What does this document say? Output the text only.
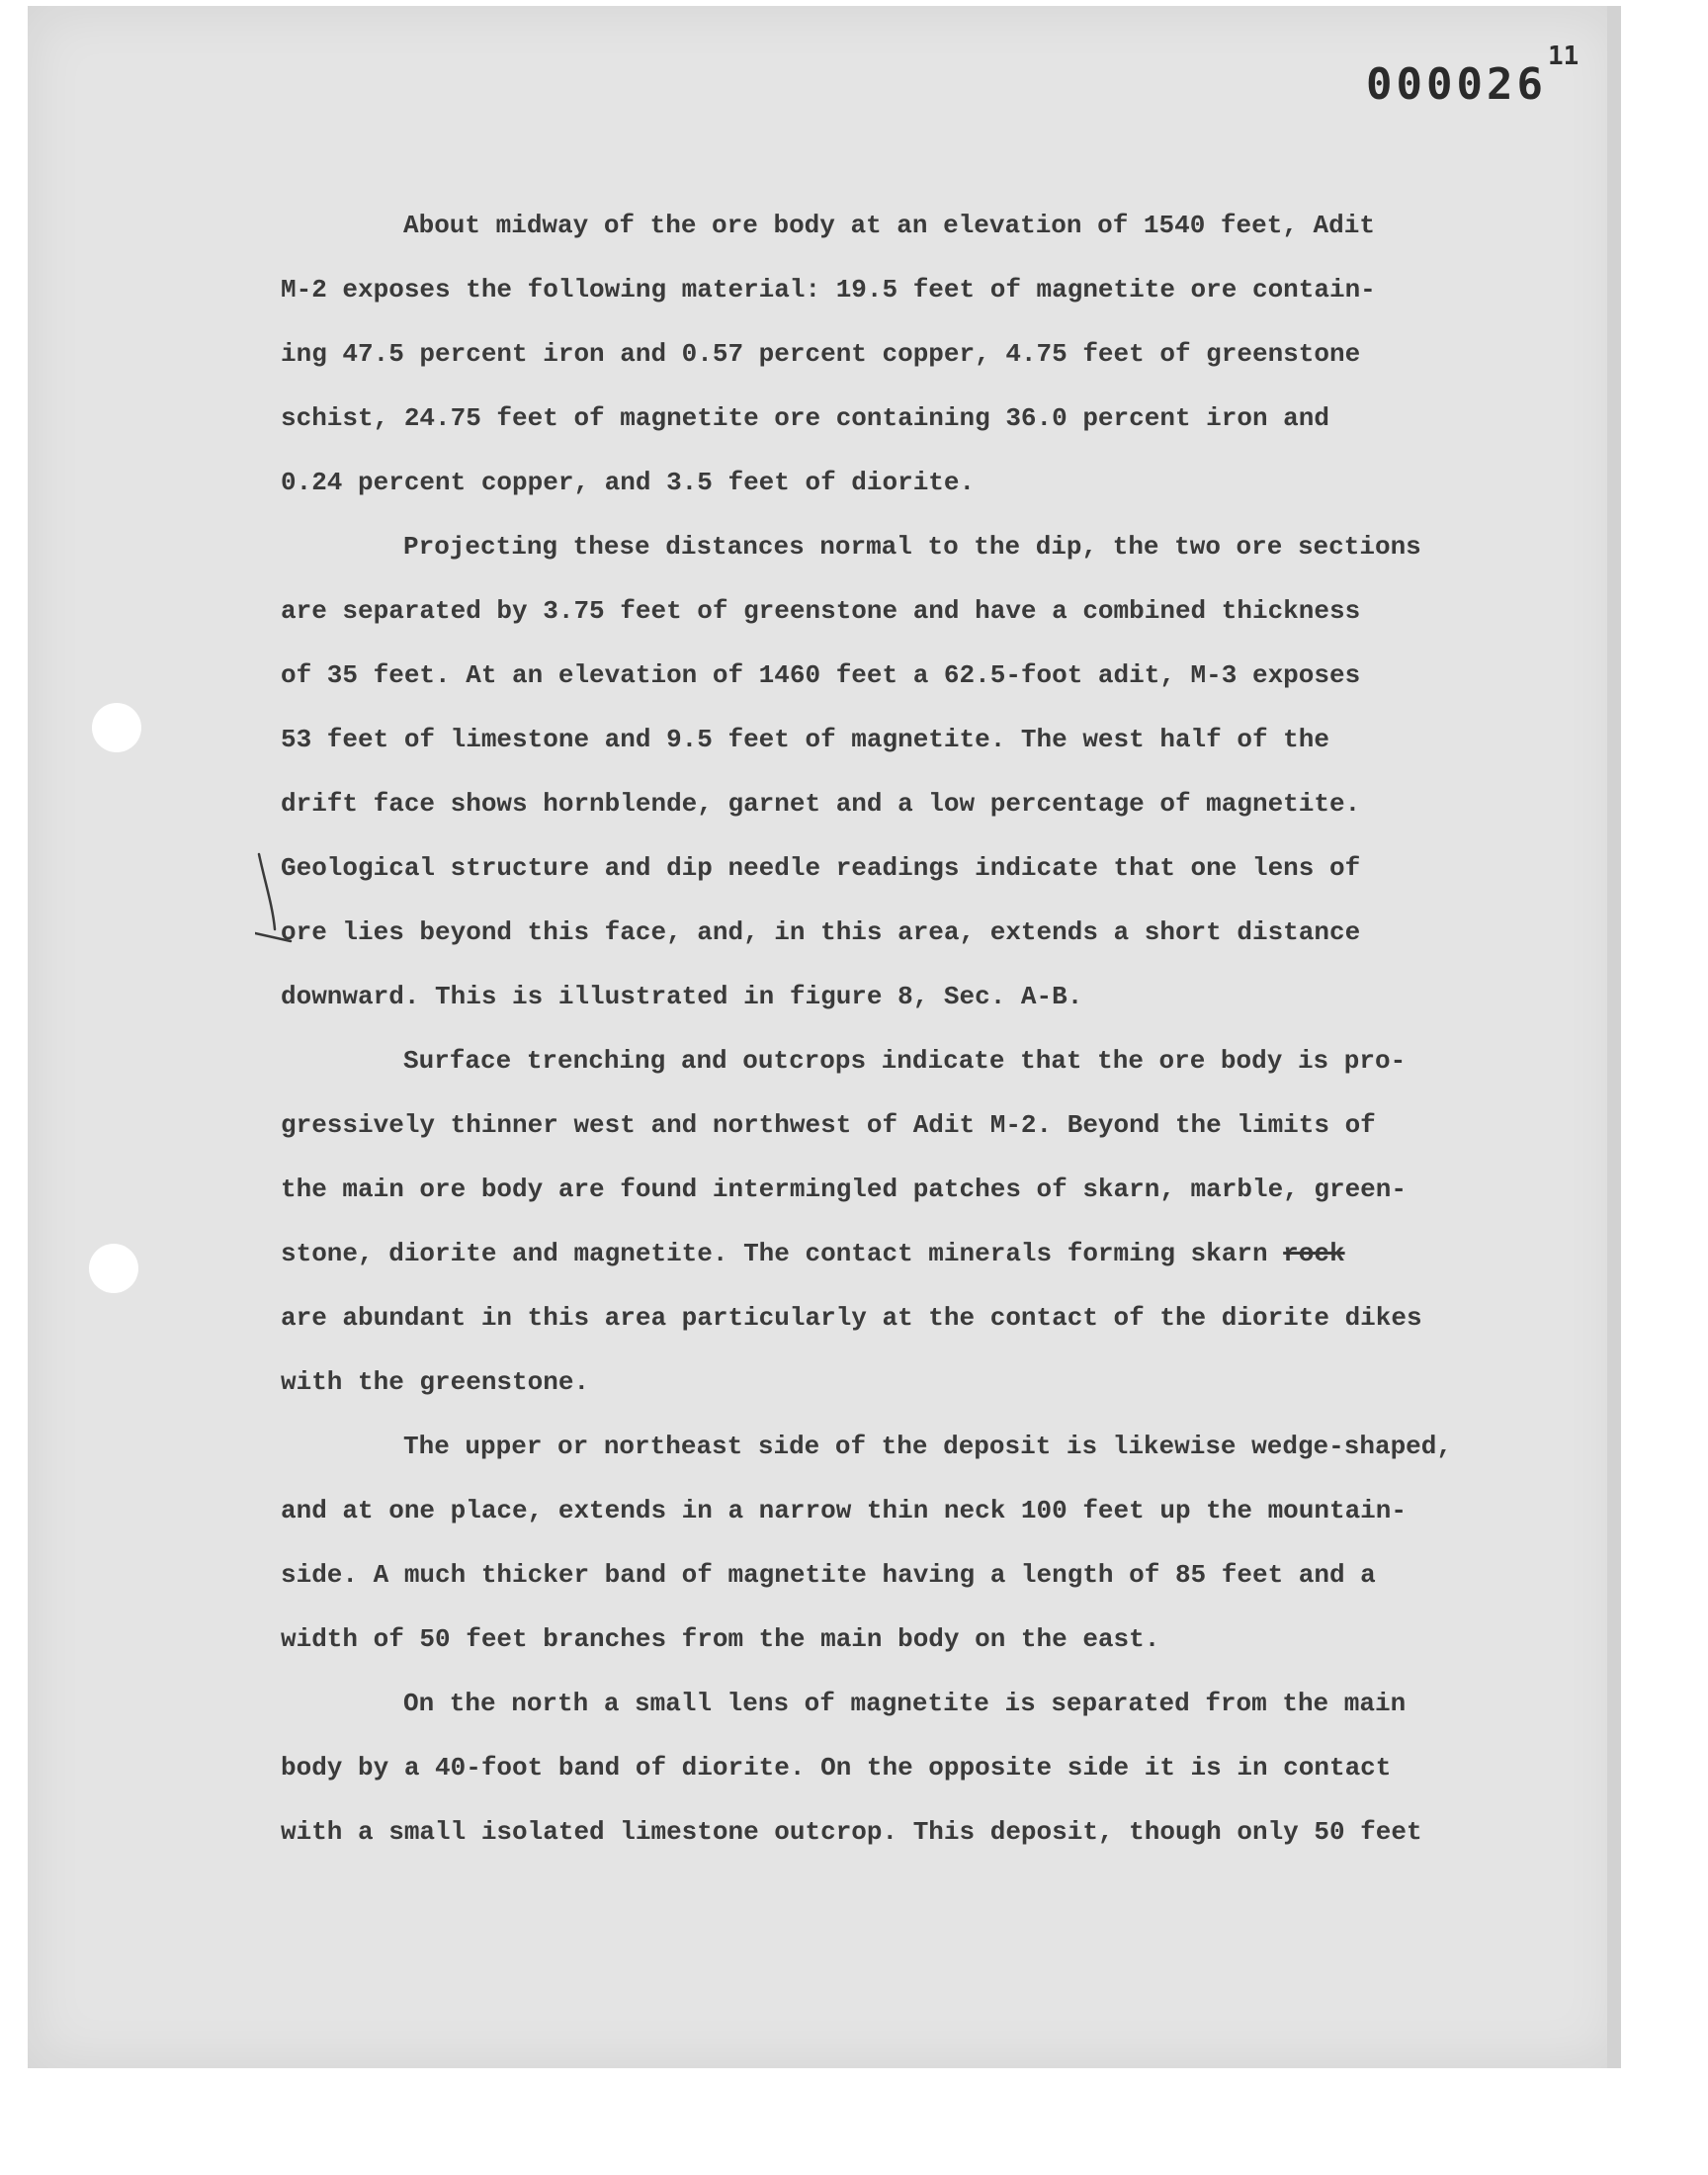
000026
11
About midway of the ore body at an elevation of 1540 feet, Adit
M-2 exposes the following material: 19.5 feet of magnetite ore contain-
ing 47.5 percent iron and 0.57 percent copper, 4.75 feet of greenstone
schist, 24.75 feet of magnetite ore containing 36.0 percent iron and
0.24 percent copper, and 3.5 feet of diorite.
Projecting these distances normal to the dip, the two ore sections
are separated by 3.75 feet of greenstone and have a combined thickness
of 35 feet. At an elevation of 1460 feet a 62.5-foot adit, M-3 exposes
53 feet of limestone and 9.5 feet of magnetite. The west half of the
drift face shows hornblende, garnet and a low percentage of magnetite.
Geological structure and dip needle readings indicate that one lens of
ore lies beyond this face, and, in this area, extends a short distance
downward. This is illustrated in figure 8, Sec. A-B.
Surface trenching and outcrops indicate that the ore body is pro-
gressively thinner west and northwest of Adit M-2. Beyond the limits of
the main ore body are found intermingled patches of skarn, marble, green-
stone, diorite and magnetite. The contact minerals forming skarn rock
are abundant in this area particularly at the contact of the diorite dikes
with the greenstone.
The upper or northeast side of the deposit is likewise wedge-shaped,
and at one place, extends in a narrow thin neck 100 feet up the mountain-
side. A much thicker band of magnetite having a length of 85 feet and a
width of 50 feet branches from the main body on the east.
On the north a small lens of magnetite is separated from the main
body by a 40-foot band of diorite. On the opposite side it is in contact
with a small isolated limestone outcrop. This deposit, though only 50 feet
